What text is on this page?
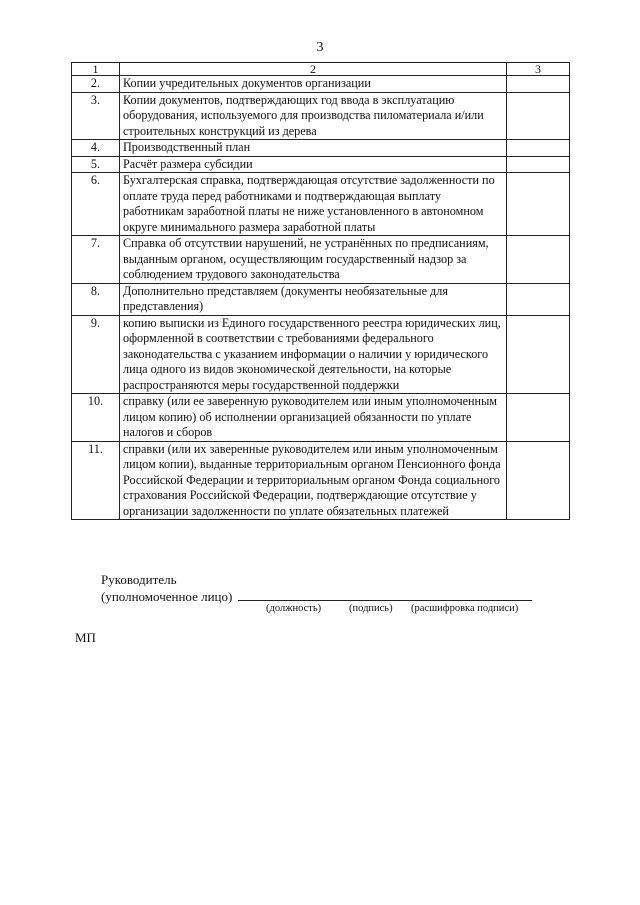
3
1	2	3
2.	Копии учредительных документов организации	
3.	Копии документов, подтверждающих год ввода в эксплуатацию оборудования, используемого для производства пиломатериала и/или строительных конструкций из дерева	
4.	Производственный план	
5.	Расчёт размера субсидии	
6.	Бухгалтерская справка, подтверждающая отсутствие задолженности по оплате труда перед работниками и подтверждающая выплату работникам заработной платы не ниже установленного в автономном округе минимального размера заработной платы	
7.	Справка об отсутствии нарушений, не устранённых по предписаниям, выданным органом, осуществляющим государственный надзор за соблюдением трудового законодательства	
8.	Дополнительно представляем (документы необязательные для представления)	
9.	копию выписки из Единого государственного реестра юридических лиц, оформленной в соответствии с требованиями федерального законодательства с указанием информации о наличии у юридического лица одного из видов экономической деятельности, на которые распространяются меры государственной поддержки	
10.	справку (или ее заверенную руководителем или иным уполномоченным лицом копию) об исполнении организацией обязанности по уплате налогов и сборов	
11.	справки (или их заверенные руководителем или иным уполномоченным лицом копии), выданные территориальным органом Пенсионного фонда Российской Федерации и территориальным органом Фонда социального страхования Российской Федерации, подтверждающие отсутствие у организации задолженности по уплате обязательных платежей	
Руководитель
(уполномоченное лицо)
(должность)	(подпись) (расшифровка подписи)
МП
